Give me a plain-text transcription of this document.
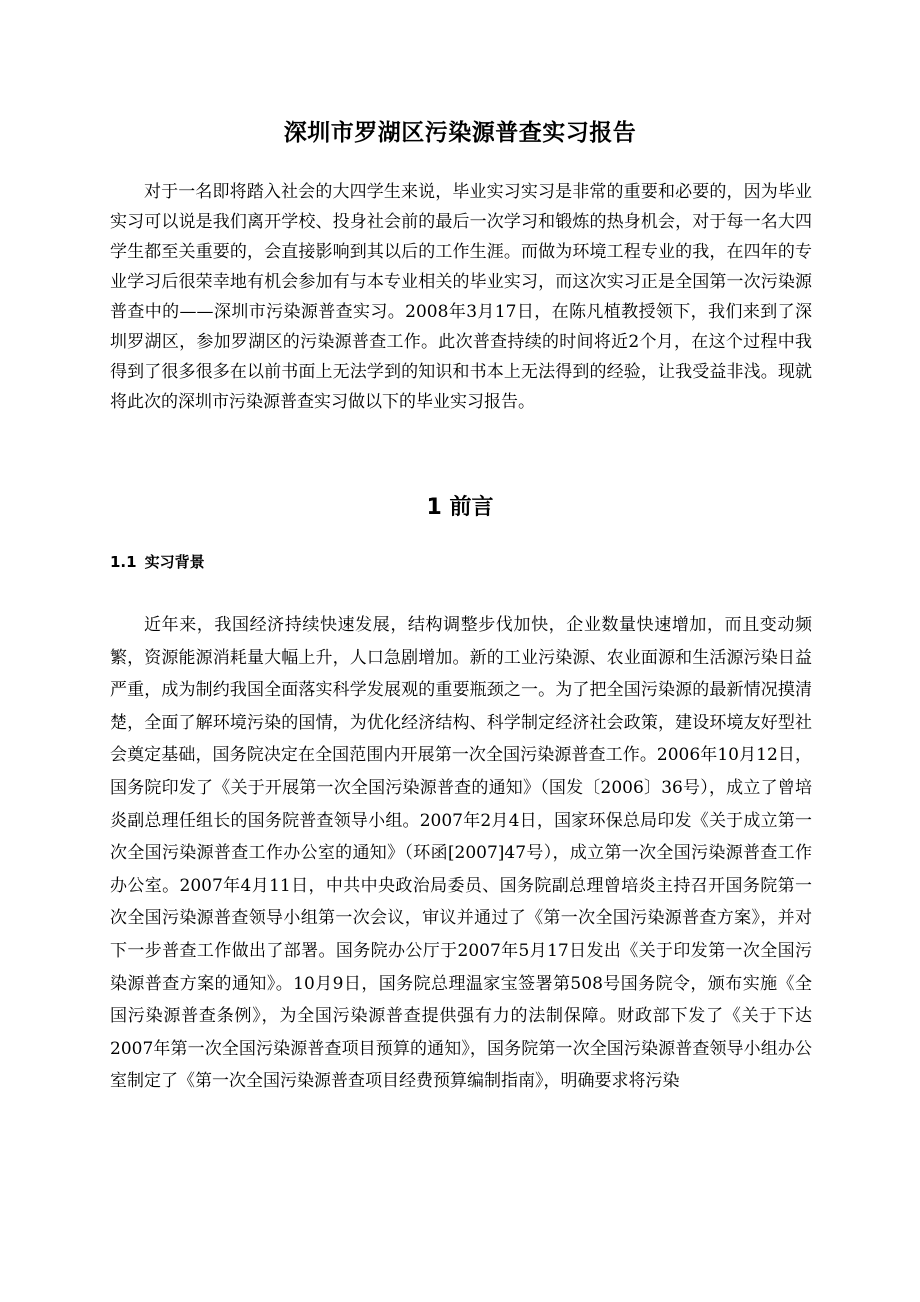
深圳市罗湖区污染源普查实习报告

对于一名即将踏入社会的大四学生来说，毕业实习实习是非常的重要和必要的，因为毕业实习可以说是我们离开学校、投身社会前的最后一次学习和锻炼的热身机会，对于每一名大四学生都至关重要的，会直接影响到其以后的工作生涯。而做为环境工程专业的我，在四年的专业学习后很荣幸地有机会参加有与本专业相关的毕业实习，而这次实习正是全国第一次污染源普查中的——深圳市污染源普查实习。2008年3月17日，在陈凡植教授领下，我们来到了深圳罗湖区，参加罗湖区的污染源普查工作。此次普查持续的时间将近2个月，在这个过程中我得到了很多很多在以前书面上无法学到的知识和书本上无法得到的经验，让我受益非浅。现就将此次的深圳市污染源普查实习做以下的毕业实习报告。

1 前言
1.1 实习背景

近年来，我国经济持续快速发展，结构调整步伐加快，企业数量快速增加，而且变动频繁，资源能源消耗量大幅上升，人口急剧增加。新的工业污染源、农业面源和生活源污染日益严重，成为制约我国全面落实科学发展观的重要瓶颈之一。为了把全国污染源的最新情况摸清楚，全面了解环境污染的国情，为优化经济结构、科学制定经济社会政策，建设环境友好型社会奠定基础，国务院决定在全国范围内开展第一次全国污染源普查工作。2006年10月12日，国务院印发了《关于开展第一次全国污染源普查的通知》（国发〔2006〕36号），成立了曾培炎副总理任组长的国务院普查领导小组。2007年2月4日，国家环保总局印发《关于成立第一次全国污染源普查工作办公室的通知》（环函[2007]47号），成立第一次全国污染源普查工作办公室。2007年4月11日，中共中央政治局委员、国务院副总理曾培炎主持召开国务院第一次全国污染源普查领导小组第一次会议，审议并通过了《第一次全国污染源普查方案》，并对下一步普查工作做出了部署。国务院办公厅于2007年5月17日发出《关于印发第一次全国污染源普查方案的通知》。10月9日，国务院总理温家宝签署第508号国务院令，颁布实施《全国污染源普查条例》，为全国污染源普查提供强有力的法制保障。财政部下发了《关于下达2007年第一次全国污染源普查项目预算的通知》，国务院第一次全国污染源普查领导小组办公室制定了《第一次全国污染源普查项目经费预算编制指南》，明确要求将污染
